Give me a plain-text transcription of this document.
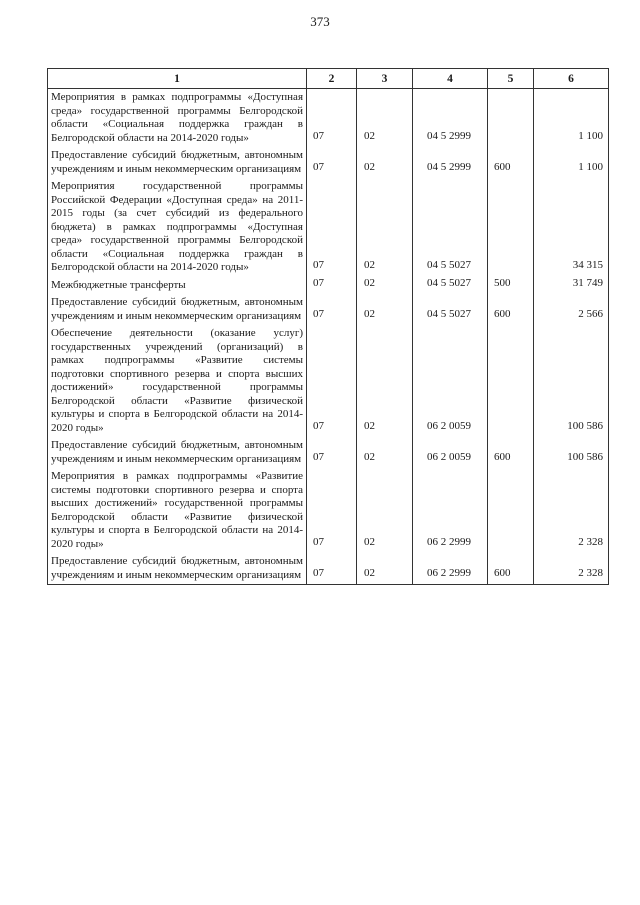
373
1	2	3	4	5	6
Мероприятия в рамках подпрограммы «Доступная среда» государственной программы Белгородской области «Социальная поддержка граждан в Белгородской области на 2014-2020 годы»	07	02	04 5 2999		1 100
Предоставление субсидий бюджетным, автономным учреждениям и иным некоммерческим организациям	07	02	04 5 2999	600	1 100
Мероприятия государственной программы Российской Федерации «Доступная среда» на 2011-2015 годы (за счет субсидий из федерального бюджета) в рамках подпрограммы «Доступная среда» государственной программы Белгородской области «Социальная поддержка граждан в Белгородской области на 2014-2020 годы»	07	02	04 5 5027		34 315
Межбюджетные трансферты	07	02	04 5 5027	500	31 749
Предоставление субсидий бюджетным, автономным учреждениям и иным некоммерческим организациям	07	02	04 5 5027	600	2 566
Обеспечение деятельности (оказание услуг) государственных учреждений (организаций) в рамках подпрограммы «Развитие системы подготовки спортивного резерва и спорта высших достижений» государственной программы Белгородской области «Развитие физической культуры и спорта в Белгородской области на 2014-2020 годы»	07	02	06 2 0059		100 586
Предоставление субсидий бюджетным, автономным учреждениям и иным некоммерческим организациям	07	02	06 2 0059	600	100 586
Мероприятия в рамках подпрограммы «Развитие системы подготовки спортивного резерва и спорта высших достижений» государственной программы Белгородской области «Развитие физической культуры и спорта в Белгородской области на 2014-2020 годы»	07	02	06 2 2999		2 328
Предоставление субсидий бюджетным, автономным учреждениям и иным некоммерческим организациям	07	02	06 2 2999	600	2 328
